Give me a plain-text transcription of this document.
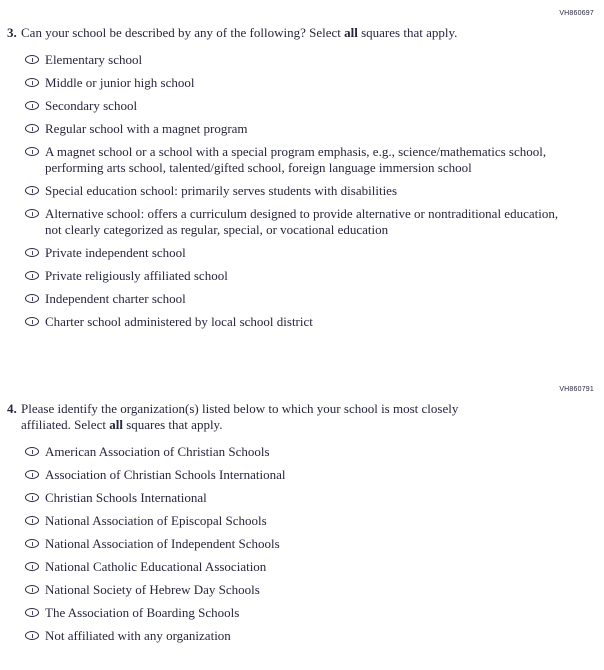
VH860697
3. Can your school be described by any of the following? Select all squares that apply.

Elementary school
Middle or junior high school
Secondary school
Regular school with a magnet program
A magnet school or a school with a special program emphasis, e.g., science/mathematics school, performing arts school, talented/gifted school, foreign language immersion school
Special education school: primarily serves students with disabilities
Alternative school: offers a curriculum designed to provide alternative or nontraditional education, not clearly categorized as regular, special, or vocational education
Private independent school
Private religiously affiliated school
Independent charter school
Charter school administered by local school district
VH860791
4. Please identify the organization(s) listed below to which your school is most closely affiliated. Select all squares that apply.

American Association of Christian Schools
Association of Christian Schools International
Christian Schools International
National Association of Episcopal Schools
National Association of Independent Schools
National Catholic Educational Association
National Society of Hebrew Day Schools
The Association of Boarding Schools
Not affiliated with any organization
